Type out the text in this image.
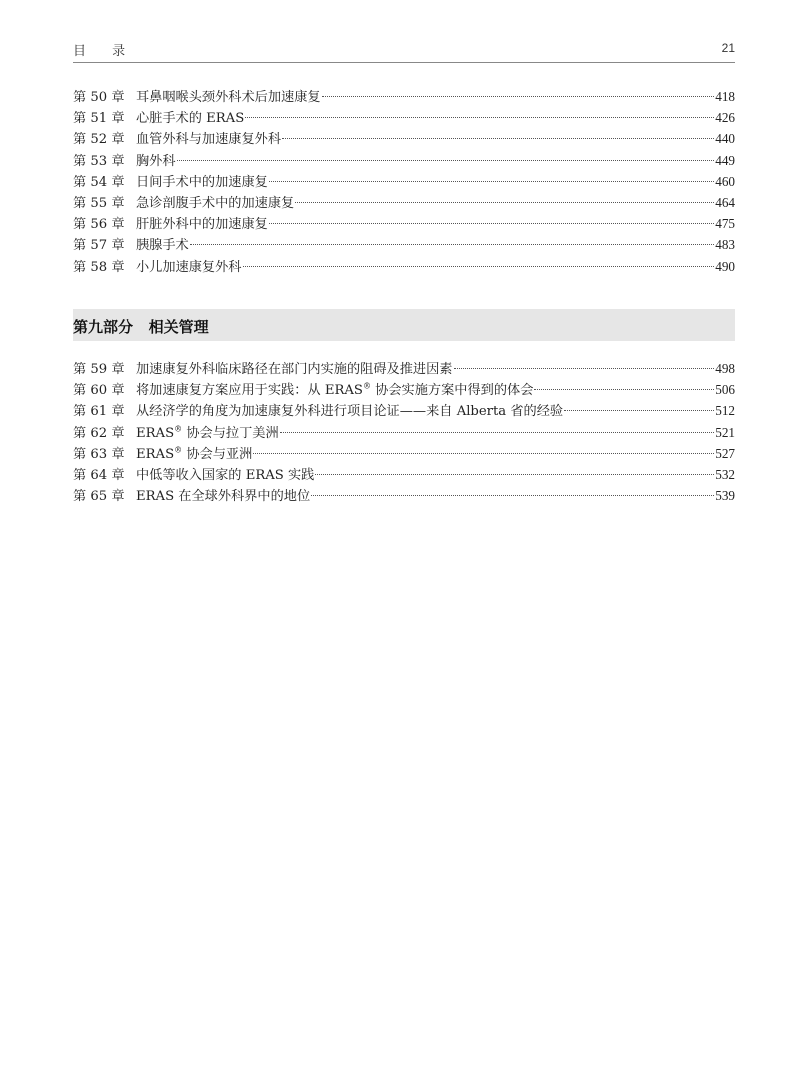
目 录	21
第 50 章 耳鼻咽喉头颈外科术后加速康复	418
第 51 章 心脏手术的 ERAS	426
第 52 章 血管外科与加速康复外科	440
第 53 章 胸外科	449
第 54 章 日间手术中的加速康复	460
第 55 章 急诊剖腹手术中的加速康复	464
第 56 章 肝脏外科中的加速康复	475
第 57 章 胰腺手术	483
第 58 章 小儿加速康复外科	490
第九部分   相关管理
第 59 章 加速康复外科临床路径在部门内实施的阻碍及推进因素	498
第 60 章 将加速康复方案应用于实践：从 ERAS® 协会实施方案中得到的体会	506
第 61 章 从经济学的角度为加速康复外科进行项目论证——来自 Alberta 省的经验	512
第 62 章 ERAS® 协会与拉丁美洲	521
第 63 章 ERAS® 协会与亚洲	527
第 64 章 中低等收入国家的 ERAS 实践	532
第 65 章 ERAS 在全球外科界中的地位	539
